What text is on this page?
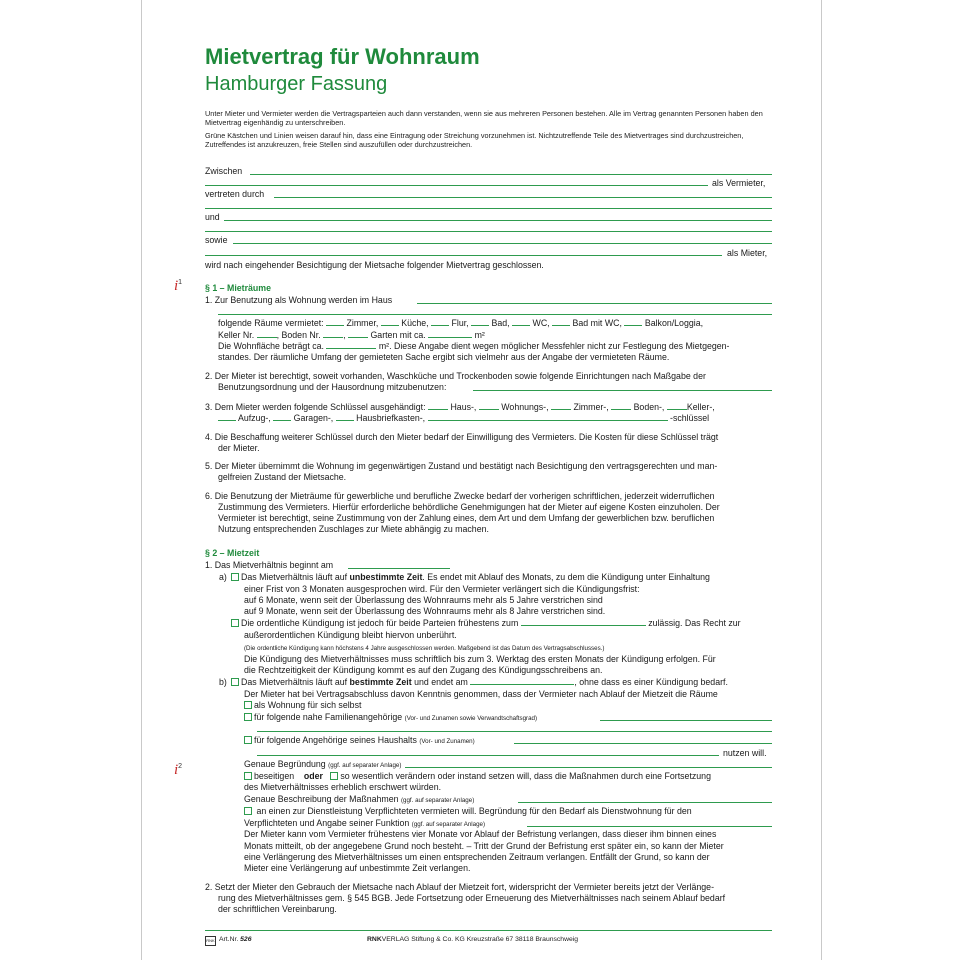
Mietvertrag für Wohnraum
Hamburger Fassung
Unter Mieter und Vermieter werden die Vertragsparteien auch dann verstanden, wenn sie aus mehreren Personen bestehen. Alle im Vertrag genannten Personen haben den Mietvertrag eigenhändig zu unterschreiben.
Grüne Kästchen und Linien weisen darauf hin, dass eine Eintragung oder Streichung vorzunehmen ist. Nichtzutreffende Teile des Mietvertrages sind durchzustreichen, Zutreffendes ist anzukreuzen, freie Stellen sind auszufüllen oder durchzustreichen.
Zwischen
als Vermieter,
vertreten durch
und
sowie
als Mieter,
wird nach eingehender Besichtigung der Mietsache folgender Mietvertrag geschlossen.
$i^1$
$i^2$
§ 1 – Mieträume
1. Zur Benutzung als Wohnung werden im Haus
folgende Räume vermietet:	Zimmer,	Küche,	Flur,	Bad,	WC,	Bad mit WC,	Balkon/Loggia,
Keller Nr.	, Boden Nr.	,	Garten mit ca.	m²
Die Wohnfläche beträgt ca.	m². Diese Angabe dient wegen möglicher Messfehler nicht zur Festlegung des Mietgegen-
standes. Der räumliche Umfang der gemieteten Sache ergibt sich vielmehr aus der Angabe der vermieteten Räume.
2. Der Mieter ist berechtigt, soweit vorhanden, Waschküche und Trockenboden sowie folgende Einrichtungen nach Maßgabe der
Benutzungsordnung und der Hausordnung mitzubenutzen:
3. Dem Mieter werden folgende Schlüssel ausgehändigt:	Haus-,	Wohnungs-,	Zimmer-,	Boden-,	Keller-,
Aufzug-,	Garagen-,	Hausbriefkasten-,	-schlüssel
4. Die Beschaffung weiterer Schlüssel durch den Mieter bedarf der Einwilligung des Vermieters. Die Kosten für diese Schlüssel trägt
der Mieter.
5. Der Mieter übernimmt die Wohnung im gegenwärtigen Zustand und bestätigt nach Besichtigung den vertragsgerechten und man-
gelfreien Zustand der Mietsache.
6. Die Benutzung der Mieträume für gewerbliche und berufliche Zwecke bedarf der vorherigen schriftlichen, jederzeit widerruflichen
Zustimmung des Vermieters. Hierfür erforderliche behördliche Genehmigungen hat der Mieter auf eigene Kosten einzuholen. Der
Vermieter ist berechtigt, seine Zustimmung von der Zahlung eines, dem Art und dem Umfang der gewerblichen bzw. beruflichen
Nutzung entsprechenden Zuschlages zur Miete abhängig zu machen.
§ 2 – Mietzeit
1. Das Mietverhältnis beginnt am
a)	Das Mietverhältnis läuft auf unbestimmte Zeit. Es endet mit Ablauf des Monats, zu dem die Kündigung unter Einhaltung
einer Frist von 3 Monaten ausgesprochen wird. Für den Vermieter verlängert sich die Kündigungsfrist:
auf 6 Monate, wenn seit der Überlassung des Wohnraums mehr als 5 Jahre verstrichen sind
auf 9 Monate, wenn seit der Überlassung des Wohnraums mehr als 8 Jahre verstrichen sind.
Die ordentliche Kündigung ist jedoch für beide Parteien frühestens zum	zulässig. Das Recht zur
außerordentlichen Kündigung bleibt hiervon unberührt.
(Die ordentliche Kündigung kann höchstens 4 Jahre ausgeschlossen werden. Maßgebend ist das Datum des Vertragsabschlusses.)
Die Kündigung des Mietverhältnisses muss schriftlich bis zum 3. Werktag des ersten Monats der Kündigung erfolgen. Für
die Rechtzeitigkeit der Kündigung kommt es auf den Zugang des Kündigungsschreibens an.
b)	Das Mietverhältnis läuft auf bestimmte Zeit und endet am	, ohne dass es einer Kündigung bedarf.
Der Mieter hat bei Vertragsabschluss davon Kenntnis genommen, dass der Vermieter nach Ablauf der Mietzeit die Räume
als Wohnung für sich selbst
für folgende nahe Familienangehörige (Vor- und Zunamen sowie Verwandtschaftsgrad)
für folgende Angehörige seines Haushalts (Vor- und Zunamen)
nutzen will.
Genaue Begründung (ggf. auf separater Anlage)
beseitigen oder so wesentlich verändern oder instand setzen will, dass die Maßnahmen durch eine Fortsetzung
des Mietverhältnisses erheblich erschwert würden.
Genaue Beschreibung der Maßnahmen (ggf. auf separater Anlage)
an einen zur Dienstleistung Verpflichteten vermieten will. Begründung für den Bedarf als Dienstwohnung für den
Verpflichteten und Angabe seiner Funktion (ggf. auf separater Anlage)
Der Mieter kann vom Vermieter frühestens vier Monate vor Ablauf der Befristung verlangen, dass dieser ihm binnen eines
Monats mitteilt, ob der angegebene Grund noch besteht. – Tritt der Grund der Befristung erst später ein, so kann der Mieter
eine Verlängerung des Mietverhältnisses um einen entsprechenden Zeitraum verlangen. Entfällt der Grund, so kann der
Mieter eine Verlängerung auf unbestimmte Zeit verlangen.
2. Setzt der Mieter den Gebrauch der Mietsache nach Ablauf der Mietzeit fort, widerspricht der Vermieter bereits jetzt der Verlänge-
rung des Mietverhältnisses gem. § 545 BGB. Jede Fortsetzung oder Erneuerung des Mietverhältnisses nach seinem Ablauf bedarf
der schriftlichen Vereinbarung.
RNK Art.Nr. 526	RNKVERLAG Stiftung & Co. KG Kreuzstraße 67 38118 Braunschweig
